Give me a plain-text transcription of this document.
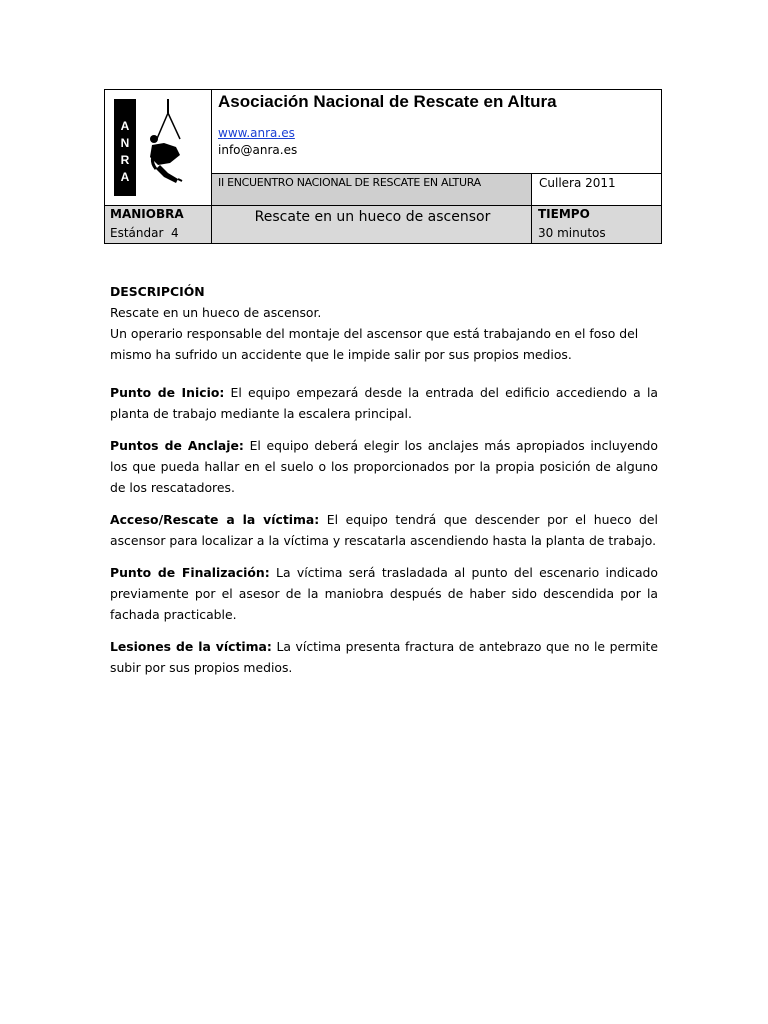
A
N
R
A
Asociación Nacional de Rescate en Altura
www.anra.es
info@anra.es
II ENCUENTRO NACIONAL DE RESCATE EN ALTURA	Cullera 2011
MANIOBRA
Estándar  4
Rescate en un hueco de ascensor	TIEMPO
30 minutos

DESCRIPCIÓN

Rescate en un hueco de ascensor.

Un operario responsable del montaje del ascensor que está trabajando en el foso del mismo ha sufrido un accidente que le impide salir por sus propios medios.

Punto de Inicio: El equipo empezará desde la entrada del edificio accediendo a la planta de trabajo mediante la escalera principal.

Puntos de Anclaje: El equipo deberá elegir los anclajes más apropiados incluyendo los que pueda hallar en el suelo o los proporcionados por la propia posición de alguno de los rescatadores.

Acceso/Rescate a la víctima: El equipo tendrá que descender por el hueco del ascensor para localizar a la víctima y rescatarla ascendiendo hasta la planta de trabajo.

Punto de Finalización: La víctima será trasladada al punto del escenario indicado previamente por el asesor de la maniobra después de haber sido descendida por la fachada practicable.

Lesiones de la víctima: La víctima presenta fractura de antebrazo que no le permite subir por sus propios medios.
